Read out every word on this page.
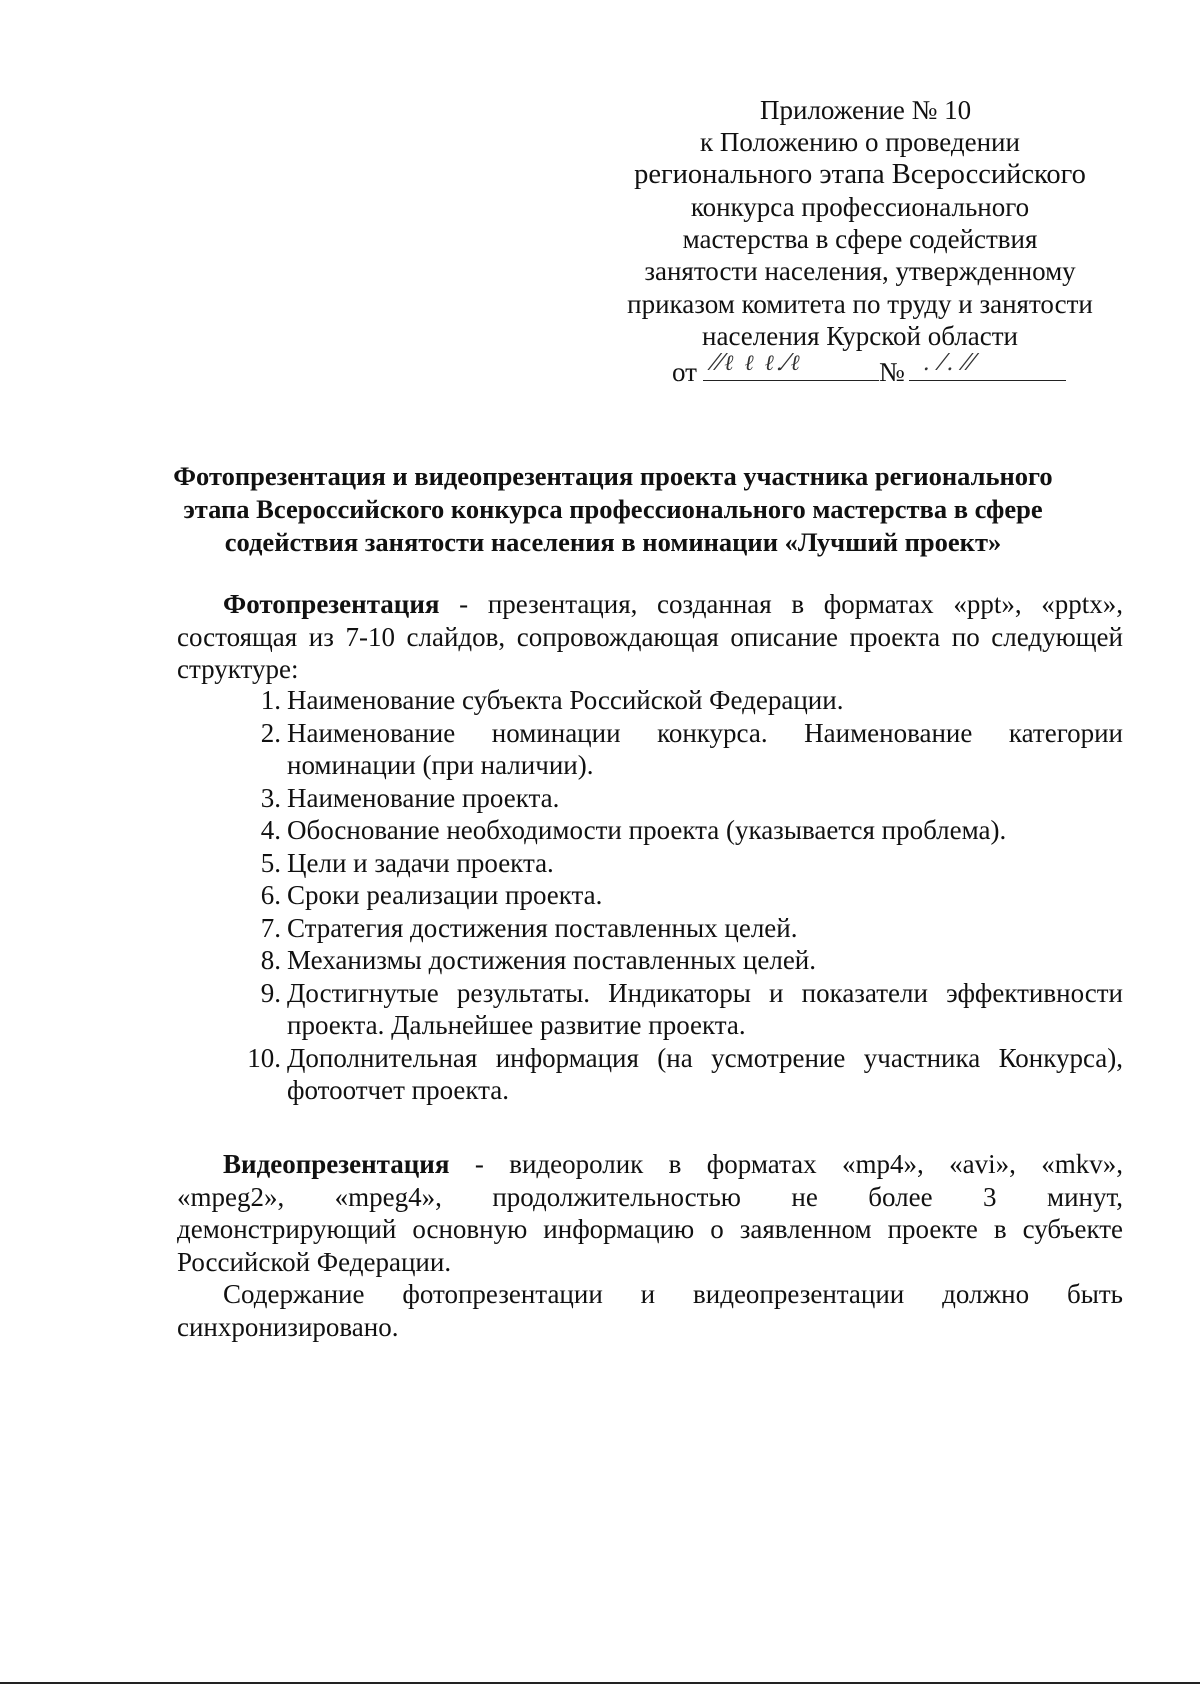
Приложение № 10
к Положению о проведении
регионального этапа Всероссийского
конкурса профессионального
мастерства в сфере содействия
занятости населения, утвержденному
приказом комитета по труду и занятости
населения Курской области
от ⁄⁄ℓ ℓ ℓ.⁄ℓ	№ . ⁄. ⁄⁄
Фотопрезентация и видеопрезентация проекта участника регионального
этапа Всероссийского конкурса профессионального мастерства в сфере
содействия занятости населения в номинации «Лучший проект»
Фотопрезентация - презентация, созданная в форматах «ppt», «pptx»,
состоящая из 7-10 слайдов, сопровождающая описание проекта по следующей
структуре:
1. Наименование субъекта Российской Федерации.
2. Наименование номинации конкурса. Наименование категории
номинации (при наличии).
3. Наименование проекта.
4. Обоснование необходимости проекта (указывается проблема).
5. Цели и задачи проекта.
6. Сроки реализации проекта.
7. Стратегия достижения поставленных целей.
8. Механизмы достижения поставленных целей.
9. Достигнутые результаты. Индикаторы и показатели эффективности
проекта. Дальнейшее развитие проекта.
10. Дополнительная информация (на усмотрение участника Конкурса),
фотоотчет проекта.
Видеопрезентация - видеоролик в форматах «mp4», «avi», «mkv»,
«mpeg2», «mpeg4», продолжительностью не более 3 минут,
демонстрирующий основную информацию о заявленном проекте в субъекте
Российской Федерации.
Содержание фотопрезентации и видеопрезентации должно быть
синхронизировано.
